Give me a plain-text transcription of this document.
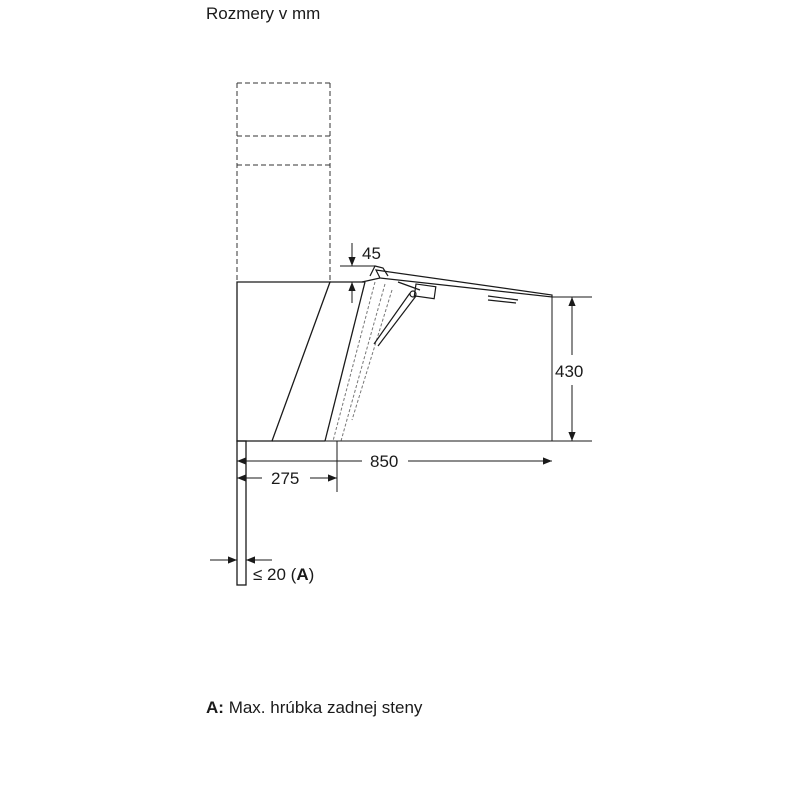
Rozmery v mm
45
430
850
275
≤ 20 (A)
A: Max. hrúbka zadnej steny
